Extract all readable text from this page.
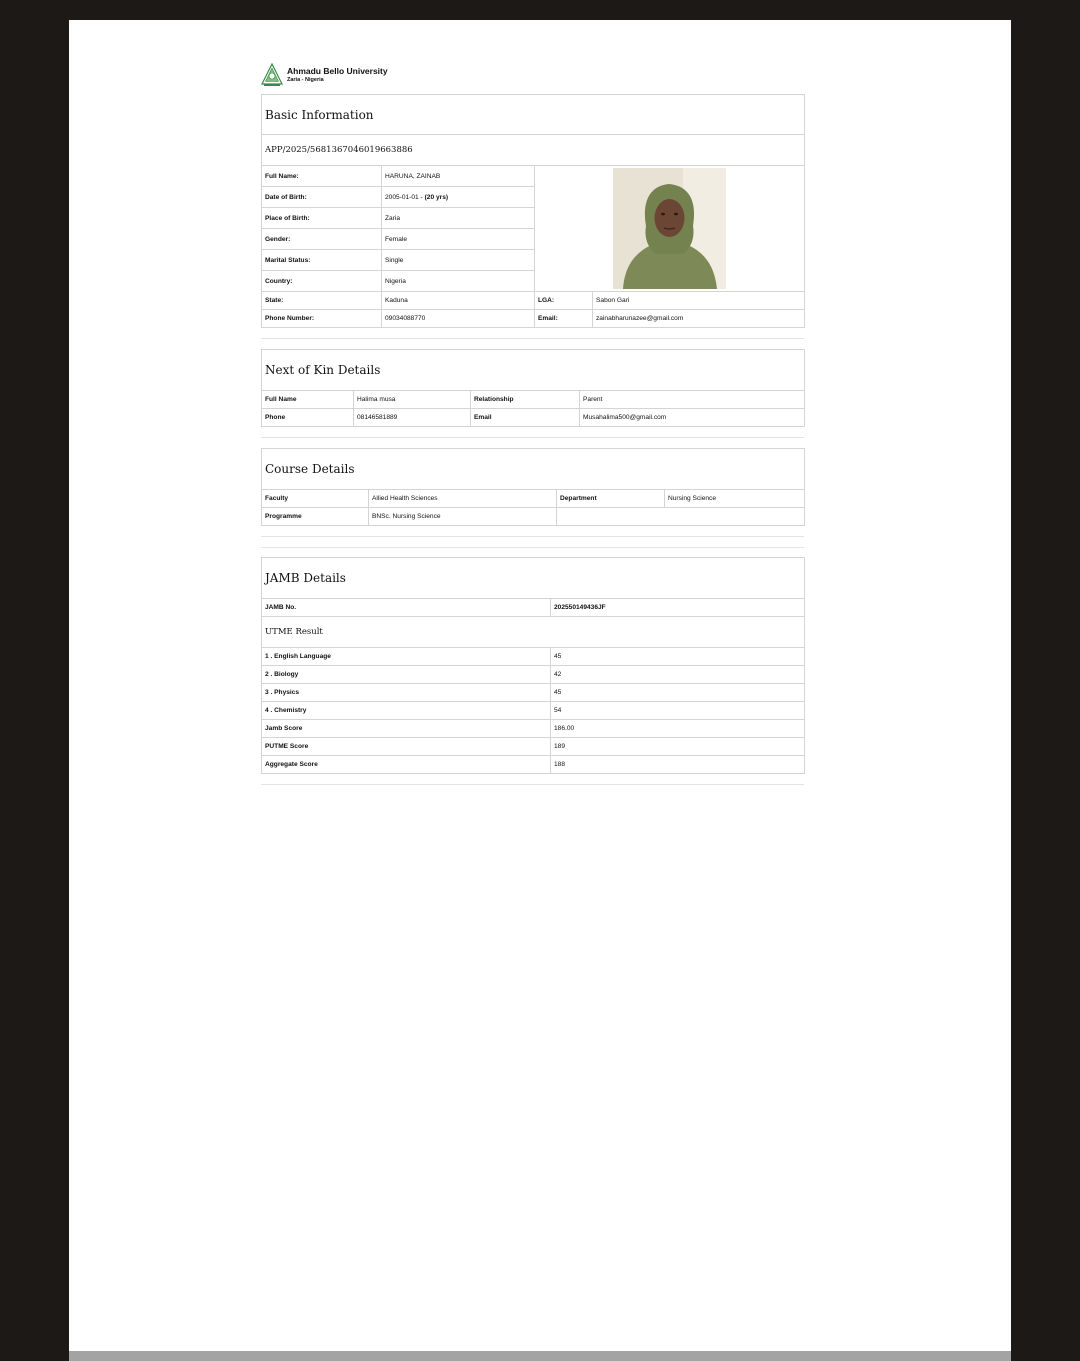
Ahmadu Bello University
Zaria - Nigeria
Basic Information			
APP/2025/5681367046019663886			
Full Name:	HARUNA, ZAINAB	
Date of Birth:	2005-01-01 - (20 yrs)		
Place of Birth:	Zaria		
Gender:	Female		
Marital Status:	Single		
Country:	Nigeria		
State:	Kaduna	LGA:	Sabon Gari
Phone Number:	09034088770	Email:	zainabharunazee@gmail.com
Next of Kin Details			
Full Name	Halima musa	Relationship	Parent
Phone	08146581889	Email	Musahalima500@gmail.com
Course Details			
Faculty	Allied Health Sciences	Department	Nursing Science
Programme	BNSc. Nursing Science		
JAMB Details	
JAMB No.	202550149436JF
UTME Result	
1 . English Language	45
2 . Biology	42
3 . Physics	45
4 . Chemistry	54
Jamb Score	186.00
PUTME Score	189
Aggregate Score	188
